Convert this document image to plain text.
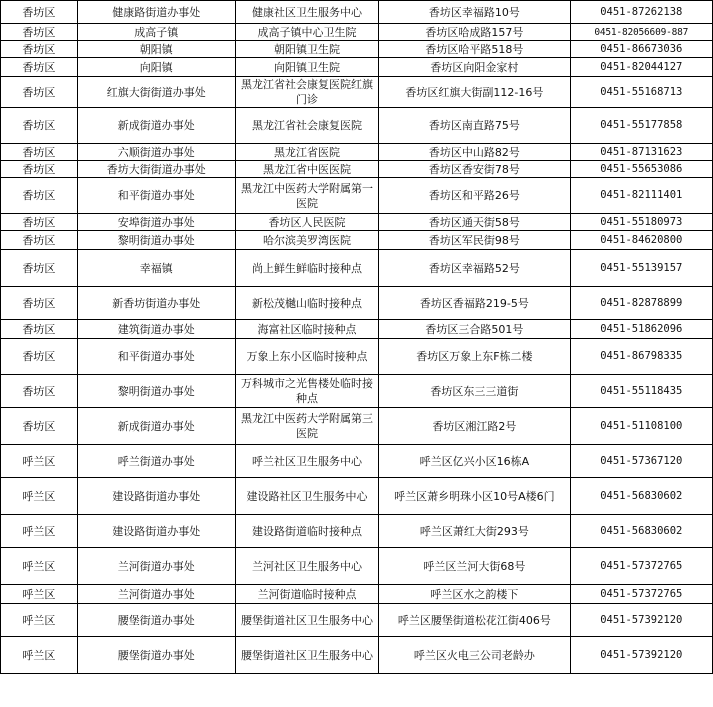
香坊区	健康路街道办事处	健康社区卫生服务中心	香坊区幸福路10号	0451-87262138
香坊区	成高子镇	成高子镇中心卫生院	香坊区哈成路157号	0451-82056609-887
香坊区	朝阳镇	朝阳镇卫生院	香坊区哈平路518号	0451-86673036
香坊区	向阳镇	向阳镇卫生院	香坊区向阳金家村	0451-82044127
香坊区	红旗大街街道办事处	黑龙江省社会康复医院红旗门诊	香坊区红旗大街副112-16号	0451-55168713
香坊区	新成街道办事处	黑龙江省社会康复医院	香坊区南直路75号	0451-55177858
香坊区	六顺街道办事处	黑龙江省医院	香坊区中山路82号	0451-87131623
香坊区	香坊大街街道办事处	黑龙江省中医医院	香坊区香安街78号	0451-55653086
香坊区	和平街道办事处	黑龙江中医药大学附属第一医院	香坊区和平路26号	0451-82111401
香坊区	安埠街道办事处	香坊区人民医院	香坊区通天街58号	0451-55180973
香坊区	黎明街道办事处	哈尔滨美罗湾医院	香坊区军民街98号	0451-84620800
香坊区	幸福镇	尚上鲜生鲜临时接种点	香坊区幸福路52号	0451-55139157
香坊区	新香坊街道办事处	新松茂樾山临时接种点	香坊区香福路219-5号	0451-82878899
香坊区	建筑街道办事处	海富社区临时接种点	香坊区三合路501号	0451-51862096
香坊区	和平街道办事处	万象上东小区临时接种点	香坊区万象上东F栋二楼	0451-86798335
香坊区	黎明街道办事处	万科城市之光售楼处临时接种点	香坊区东三三道街	0451-55118435
香坊区	新成街道办事处	黑龙江中医药大学附属第三医院	香坊区湘江路2号	0451-51108100
呼兰区	呼兰街道办事处	呼兰社区卫生服务中心	呼兰区亿兴小区16栋A	0451-57367120
呼兰区	建设路街道办事处	建设路社区卫生服务中心	呼兰区萧乡明珠小区10号A楼6门	0451-56830602
呼兰区	建设路街道办事处	建设路街道临时接种点	呼兰区萧红大街293号	0451-56830602
呼兰区	兰河街道办事处	兰河社区卫生服务中心	呼兰区兰河大街68号	0451-57372765
呼兰区	兰河街道办事处	兰河街道临时接种点	呼兰区水之韵楼下	0451-57372765
呼兰区	腰堡街道办事处	腰堡街道社区卫生服务中心	呼兰区腰堡街道松花江街406号	0451-57392120
呼兰区	腰堡街道办事处	腰堡街道社区卫生服务中心	呼兰区火电三公司老龄办	0451-57392120
